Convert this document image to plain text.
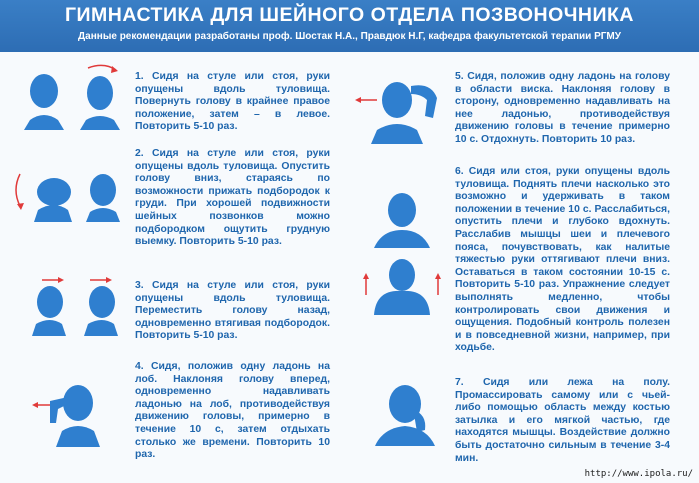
ГИМНАСТИКА ДЛЯ ШЕЙНОГО ОТДЕЛА ПОЗВОНОЧНИКА
Данные рекомендации разработаны проф. Шостак Н.А., Правдюк Н.Г, кафедра факультетской терапии РГМУ
1. Сидя на стуле или стоя, руки опущены вдоль туловища. Повернуть голову в крайнее правое положение, затем – в левое. Повторить 5-10 раз.
2. Сидя на стуле или стоя, руки опущены вдоль туловища. Опустить голову вниз, стараясь по возможности прижать подбородок к груди. При хорошей подвижности шейных позвонков можно подбородком ощутить грудную выемку. Повторить 5-10 раз.
3. Сидя на стуле или стоя, руки опущены вдоль туловища. Переместить голову назад, одновременно втягивая подбородок. Повторить 5-10 раз.
4. Сидя, положив одну ладонь на лоб. Наклоняя голову вперед, одновременно надавливать ладонью на лоб, противодействуя движению головы, примерно в течение 10 с, затем отдыхать столько же времени. Повторить 10 раз.
5. Сидя, положив одну ладонь на голову в области виска. Наклоняя голову в сторону, одновременно надавливать на нее ладонью, противодействуя движению головы в течение примерно 10 с. Отдохнуть. Повторить 10 раз.
6. Сидя или стоя, руки опущены вдоль туловища. Поднять плечи насколько это возможно и удерживать в таком положении в течение 10 с. Расслабиться, опустить плечи и глубоко вдохнуть. Расслабив мышцы шеи и плечевого пояса, почувствовать, как налитые тяжестью руки оттягивают плечи вниз. Оставаться в таком состоянии 10-15 с. Повторить 5-10 раз. Упражнение следует выполнять медленно, чтобы контролировать свои движения и ощущения. Подобный контроль полезен и в повседневной жизни, например, при ходьбе.
7. Сидя или лежа на полу. Промассировать самому или с чьей-либо помощью область между костью затылка и его мягкой частью, где находятся мышцы. Воздействие должно быть достаточно сильным в течение 3-4 мин.
http://www.ipola.ru/
